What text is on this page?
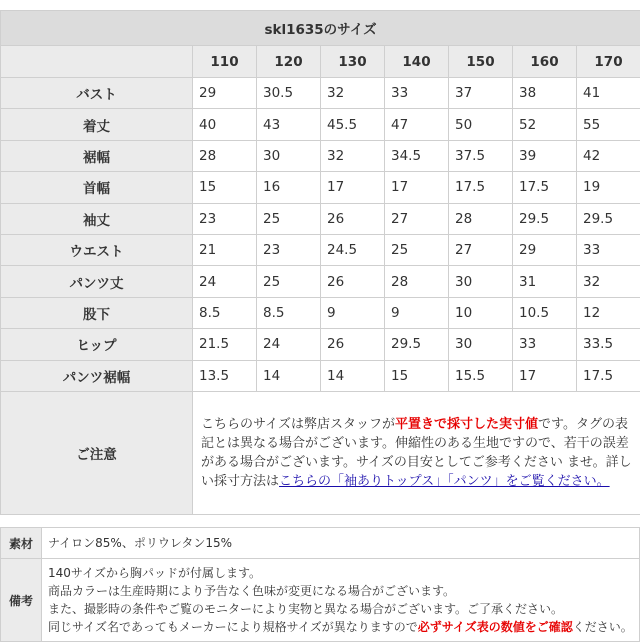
skl1635のサイズ							
	110	120	130	140	150	160	170
バスト	29	30.5	32	33	37	38	41
着丈	40	43	45.5	47	50	52	55
裾幅	28	30	32	34.5	37.5	39	42
首幅	15	16	17	17	17.5	17.5	19
袖丈	23	25	26	27	28	29.5	29.5
ウエスト	21	23	24.5	25	27	29	33
パンツ丈	24	25	26	28	30	31	32
股下	8.5	8.5	9	9	10	10.5	12
ヒップ	21.5	24	26	29.5	30	33	33.5
パンツ裾幅	13.5	14	14	15	15.5	17	17.5
ご注意	こちらのサイズは弊店スタッフが平置きで採寸した実寸値です。タグの表記とは異なる場合がございます。伸縮性のある生地ですので、若干の誤差がある場合がございます。サイズの目安としてご参考ください ませ。詳しい採寸方法はこちらの「袖ありトップス」「パンツ」をご覧ください。						
素材	ナイロン85%、ポリウレタン15%
備考	140サイズから胸パッドが付属します。
商品カラーは生産時期により予告なく色味が変更になる場合がございます。
また、撮影時の条件やご覧のモニターにより実物と異なる場合がございます。ご了承ください。
同じサイズ名であってもメーカーにより規格サイズが異なりますので必ずサイズ表の数値をご確認ください。
